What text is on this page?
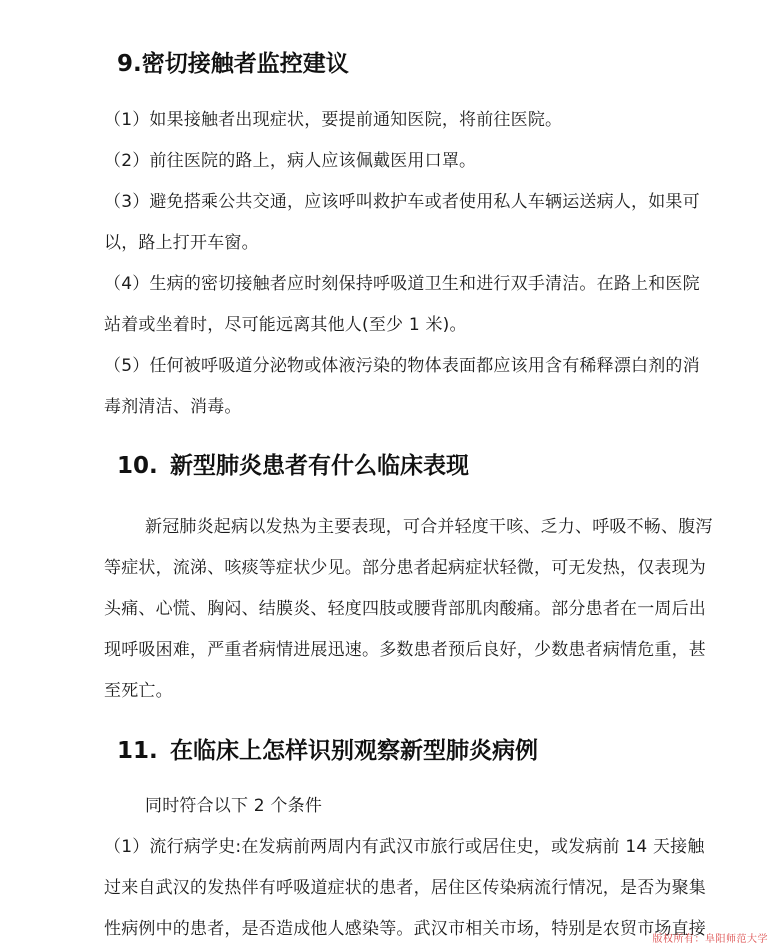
9.密切接触者监控建议

（1）如果接触者出现症状，要提前通知医院，将前往医院。

（2）前往医院的路上，病人应该佩戴医用口罩。

（3）避免搭乘公共交通，应该呼叫救护车或者使用私人车辆运送病人，如果可

以，路上打开车窗。

（4）生病的密切接触者应时刻保持呼吸道卫生和进行双手清洁。在路上和医院

站着或坐着时，尽可能远离其他人(至少 1 米)。

（5）任何被呼吸道分泌物或体液污染的物体表面都应该用含有稀释漂白剂的消

毒剂清洁、消毒。

10. 新型肺炎患者有什么临床表现

新冠肺炎起病以发热为主要表现，可合并轻度干咳、乏力、呼吸不畅、腹泻

等症状，流涕、咳痰等症状少见。部分患者起病症状轻微，可无发热，仅表现为

头痛、心慌、胸闷、结膜炎、轻度四肢或腰背部肌肉酸痛。部分患者在一周后出

现呼吸困难，严重者病情进展迅速。多数患者预后良好，少数患者病情危重，甚

至死亡。

11. 在临床上怎样识别观察新型肺炎病例

同时符合以下 2 个条件

（1）流行病学史:在发病前两周内有武汉市旅行或居住史，或发病前 14 天接触

过来自武汉的发热伴有呼吸道症状的患者，居住区传染病流行情况，是否为聚集

性病例中的患者，是否造成他人感染等。武汉市相关市场，特别是农贸市场直接

版权所有：阜阳师范大学
